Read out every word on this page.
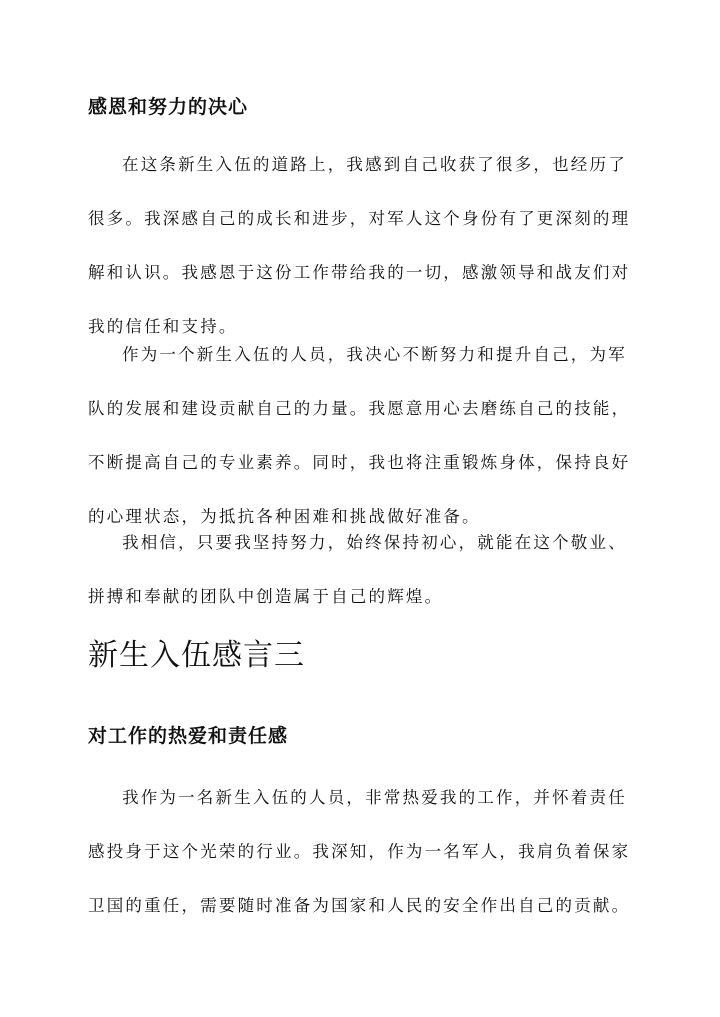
感恩和努力的决心
在这条新生入伍的道路上，我感到自己收获了很多，也经历了
很多。我深感自己的成长和进步，对军人这个身份有了更深刻的理
解和认识。我感恩于这份工作带给我的一切，感激领导和战友们对
我的信任和支持。
作为一个新生入伍的人员，我决心不断努力和提升自己，为军
队的发展和建设贡献自己的力量。我愿意用心去磨练自己的技能，
不断提高自己的专业素养。同时，我也将注重锻炼身体，保持良好
的心理状态，为抵抗各种困难和挑战做好准备。
我相信，只要我坚持努力，始终保持初心，就能在这个敬业、
拼搏和奉献的团队中创造属于自己的辉煌。
新生入伍感言三
对工作的热爱和责任感
我作为一名新生入伍的人员，非常热爱我的工作，并怀着责任
感投身于这个光荣的行业。我深知，作为一名军人，我肩负着保家
卫国的重任，需要随时准备为国家和人民的安全作出自己的贡献。
